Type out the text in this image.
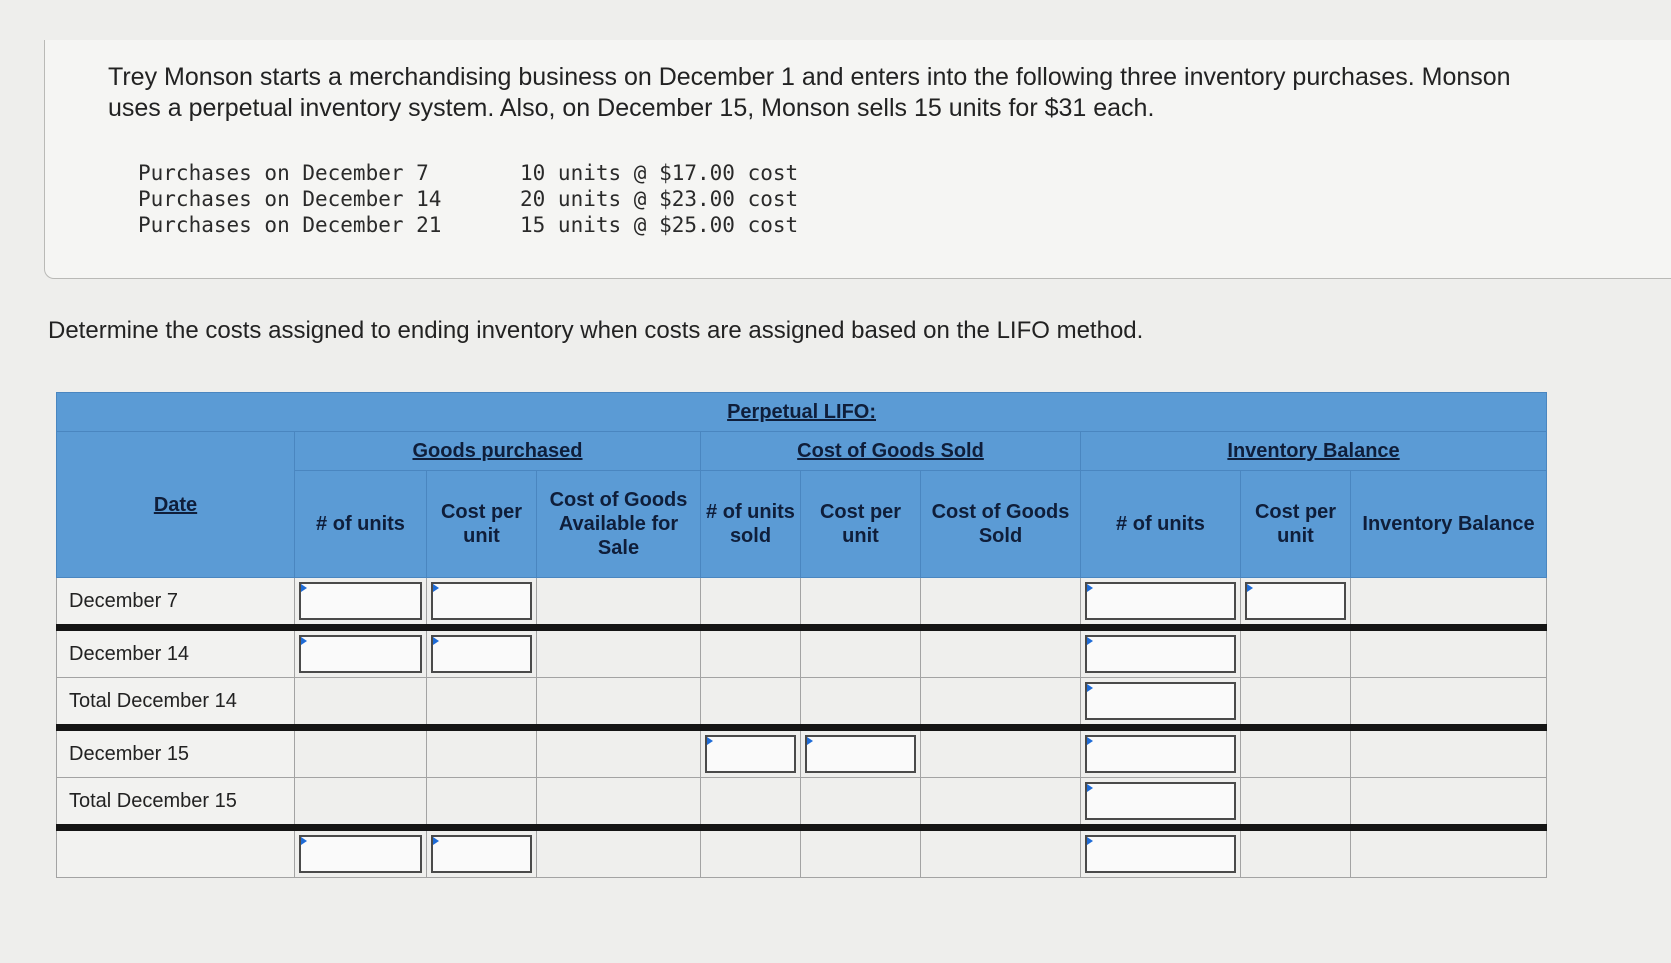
Trey Monson starts a merchandising business on December 1 and enters into the following three inventory purchases. Monson uses a perpetual inventory system. Also, on December 15, Monson sells 15 units for $31 each.

Purchases on December 7	10 units @ $17.00 cost
Purchases on December 14	20 units @ $23.00 cost
Purchases on December 21	15 units @ $25.00 cost

Determine the costs assigned to ending inventory when costs are assigned based on the LIFO method.

Perpetual LIFO:									
Date	Goods purchased			Cost of Goods Sold			Inventory Balance		
	# of units	Cost per unit	Cost of Goods Available for Sale	# of units sold	Cost per unit	Cost of Goods Sold	# of units	Cost per unit	Inventory Balance
December 7	

December 14	

Total December 14							

December 15				

Total December 15							
